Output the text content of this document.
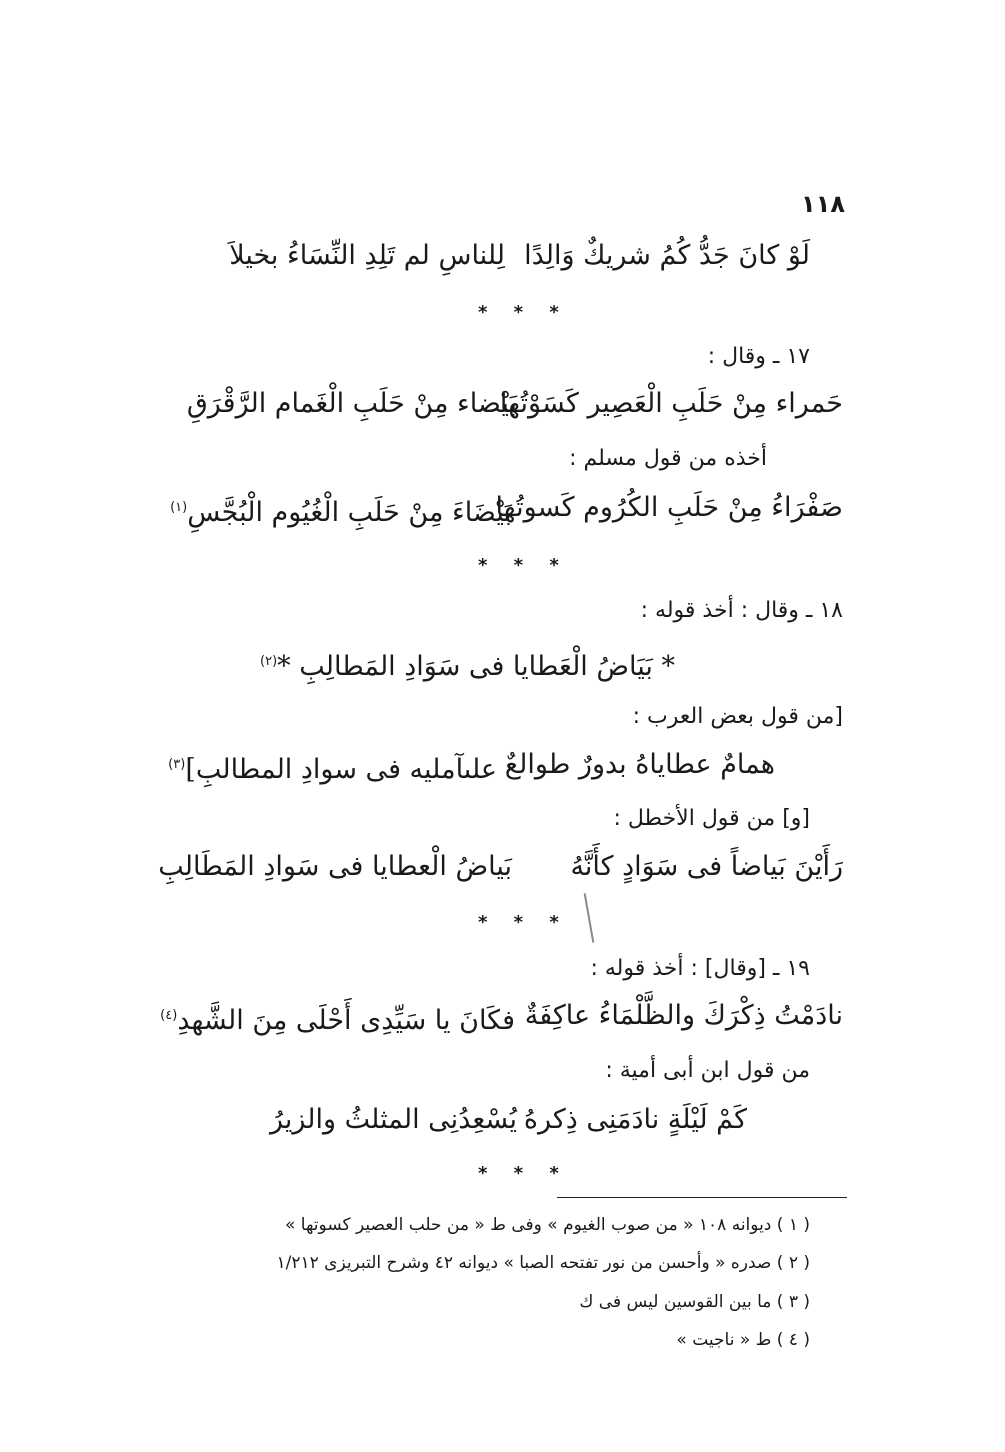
١١٨
لَوْ كانَ جَدُّ كُمُ شريكٌ وَالِدًا
لِلناسِ لم تَلِدِ النِّسَاءُ بخيلاَ
* * *
١٧ ـ وقال :
حَمراء مِنْ حَلَبِ الْعَصِير كَسَوْتُها
بَيْضاء مِنْ حَلَبِ الْغَمام الرَّقْرَقِ
أخذه من قول مسلم :
صَفْرَاءُ مِنْ حَلَبِ الكُرُوم كَسوتُها
بَيْضَاءَ مِنْ حَلَبِ الْغُيُوم الْبُجَّسِ$^{(١)}$
* * *
١٨ ـ وقال : أخذ قوله :
* بَيَاضُ الْعَطايا فى سَوَادِ المَطالِبِ *$^{(٢)}$
[من قول بعض العرب :
همامٌ عطاياهُ بدورٌ طوالعٌ
علىآمليه فى سوادِ المطالبِ]$^{(٣)}$
[و] من قول الأخطل :
رَأَيْنَ بَياضاً فى سَوَادٍ كأَنَّهُ
بَياضُ الْعطايا فى سَوادِ المَطَالِبِ
* * *
١٩ ـ [وقال] : أخذ قوله :
نادَمْتُ ذِكْرَكَ والظَّلْمَاءُ عاكِفَةٌ
فكَانَ يا سَيِّدِى أَحْلَى مِنَ الشَّهدِ$^{(٤)}$
من قول ابن أبى أمية :
كَمْ لَيْلَةٍ نادَمَنِى ذِكرهُ
يُسْعِدُنِى المثلثُ والزيرُ
* * *
( ١ ) ديوانه ١٠٨ « من صوب الغيوم » وفى ط « من حلب العصير كسوتها »
( ٢ ) صدره « وأحسن من نور تفتحه الصبا » ديوانه ٤٢ وشرح التبريزى ١/٢١٢
( ٣ ) ما بين القوسين ليس فى ك
( ٤ ) ط « ناجيت »
